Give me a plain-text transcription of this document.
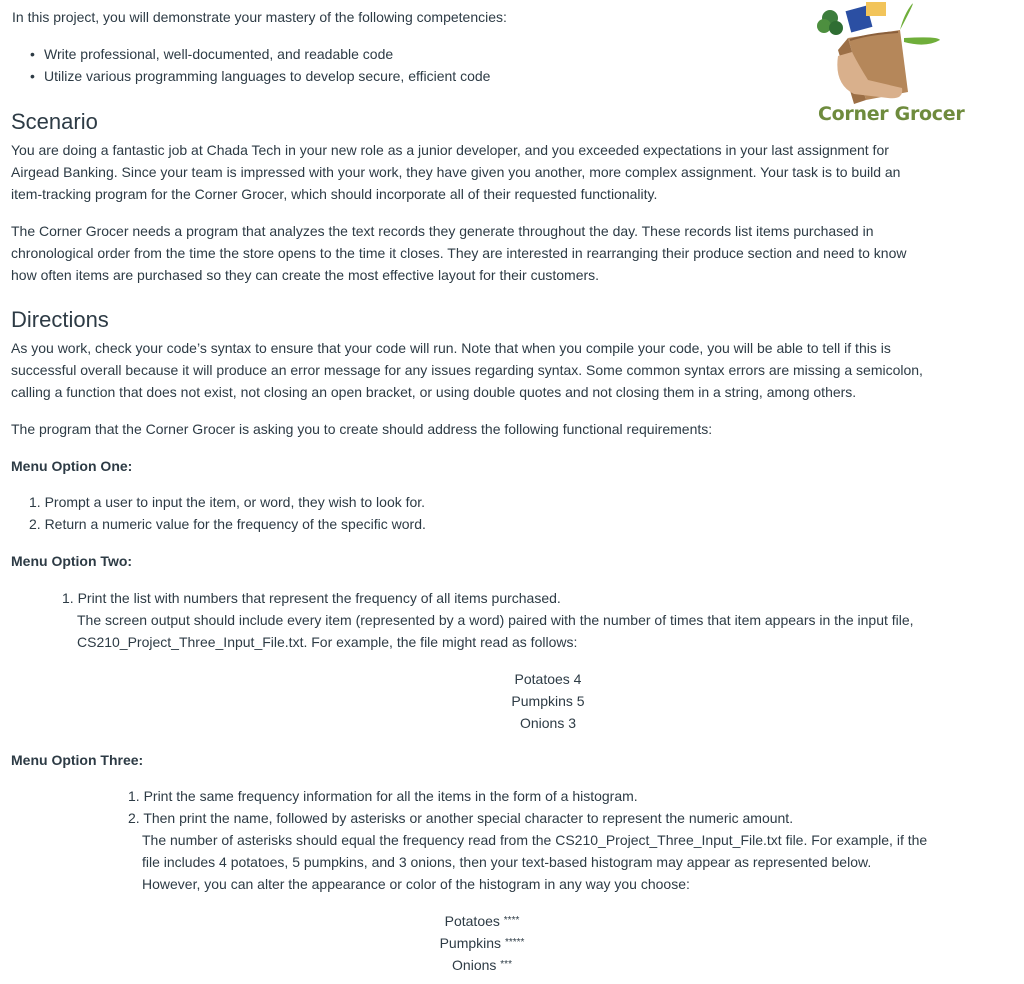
In this project, you will demonstrate your mastery of the following competencies:
• Write professional, well-documented, and readable code
• Utilize various programming languages to develop secure, efficient code
Corner Grocer
Scenario
You are doing a fantastic job at Chada Tech in your new role as a junior developer, and you exceeded expectations in your last assignment for
Airgead Banking. Since your team is impressed with your work, they have given you another, more complex assignment. Your task is to build an
item-tracking program for the Corner Grocer, which should incorporate all of their requested functionality.
The Corner Grocer needs a program that analyzes the text records they generate throughout the day. These records list items purchased in
chronological order from the time the store opens to the time it closes. They are interested in rearranging their produce section and need to know
how often items are purchased so they can create the most effective layout for their customers.
Directions
As you work, check your code’s syntax to ensure that your code will run. Note that when you compile your code, you will be able to tell if this is
successful overall because it will produce an error message for any issues regarding syntax. Some common syntax errors are missing a semicolon,
calling a function that does not exist, not closing an open bracket, or using double quotes and not closing them in a string, among others.
The program that the Corner Grocer is asking you to create should address the following functional requirements:
Menu Option One:
1. Prompt a user to input the item, or word, they wish to look for.
2. Return a numeric value for the frequency of the specific word.
Menu Option Two:
1. Print the list with numbers that represent the frequency of all items purchased.
The screen output should include every item (represented by a word) paired with the number of times that item appears in the input file,
CS210_Project_Three_Input_File.txt. For example, the file might read as follows:
Potatoes 4
Pumpkins 5
Onions 3
Menu Option Three:
1. Print the same frequency information for all the items in the form of a histogram.
2. Then print the name, followed by asterisks or another special character to represent the numeric amount.
The number of asterisks should equal the frequency read from the CS210_Project_Three_Input_File.txt file. For example, if the
file includes 4 potatoes, 5 pumpkins, and 3 onions, then your text-based histogram may appear as represented below.
However, you can alter the appearance or color of the histogram in any way you choose:
Potatoes ****
Pumpkins *****
Onions ***
